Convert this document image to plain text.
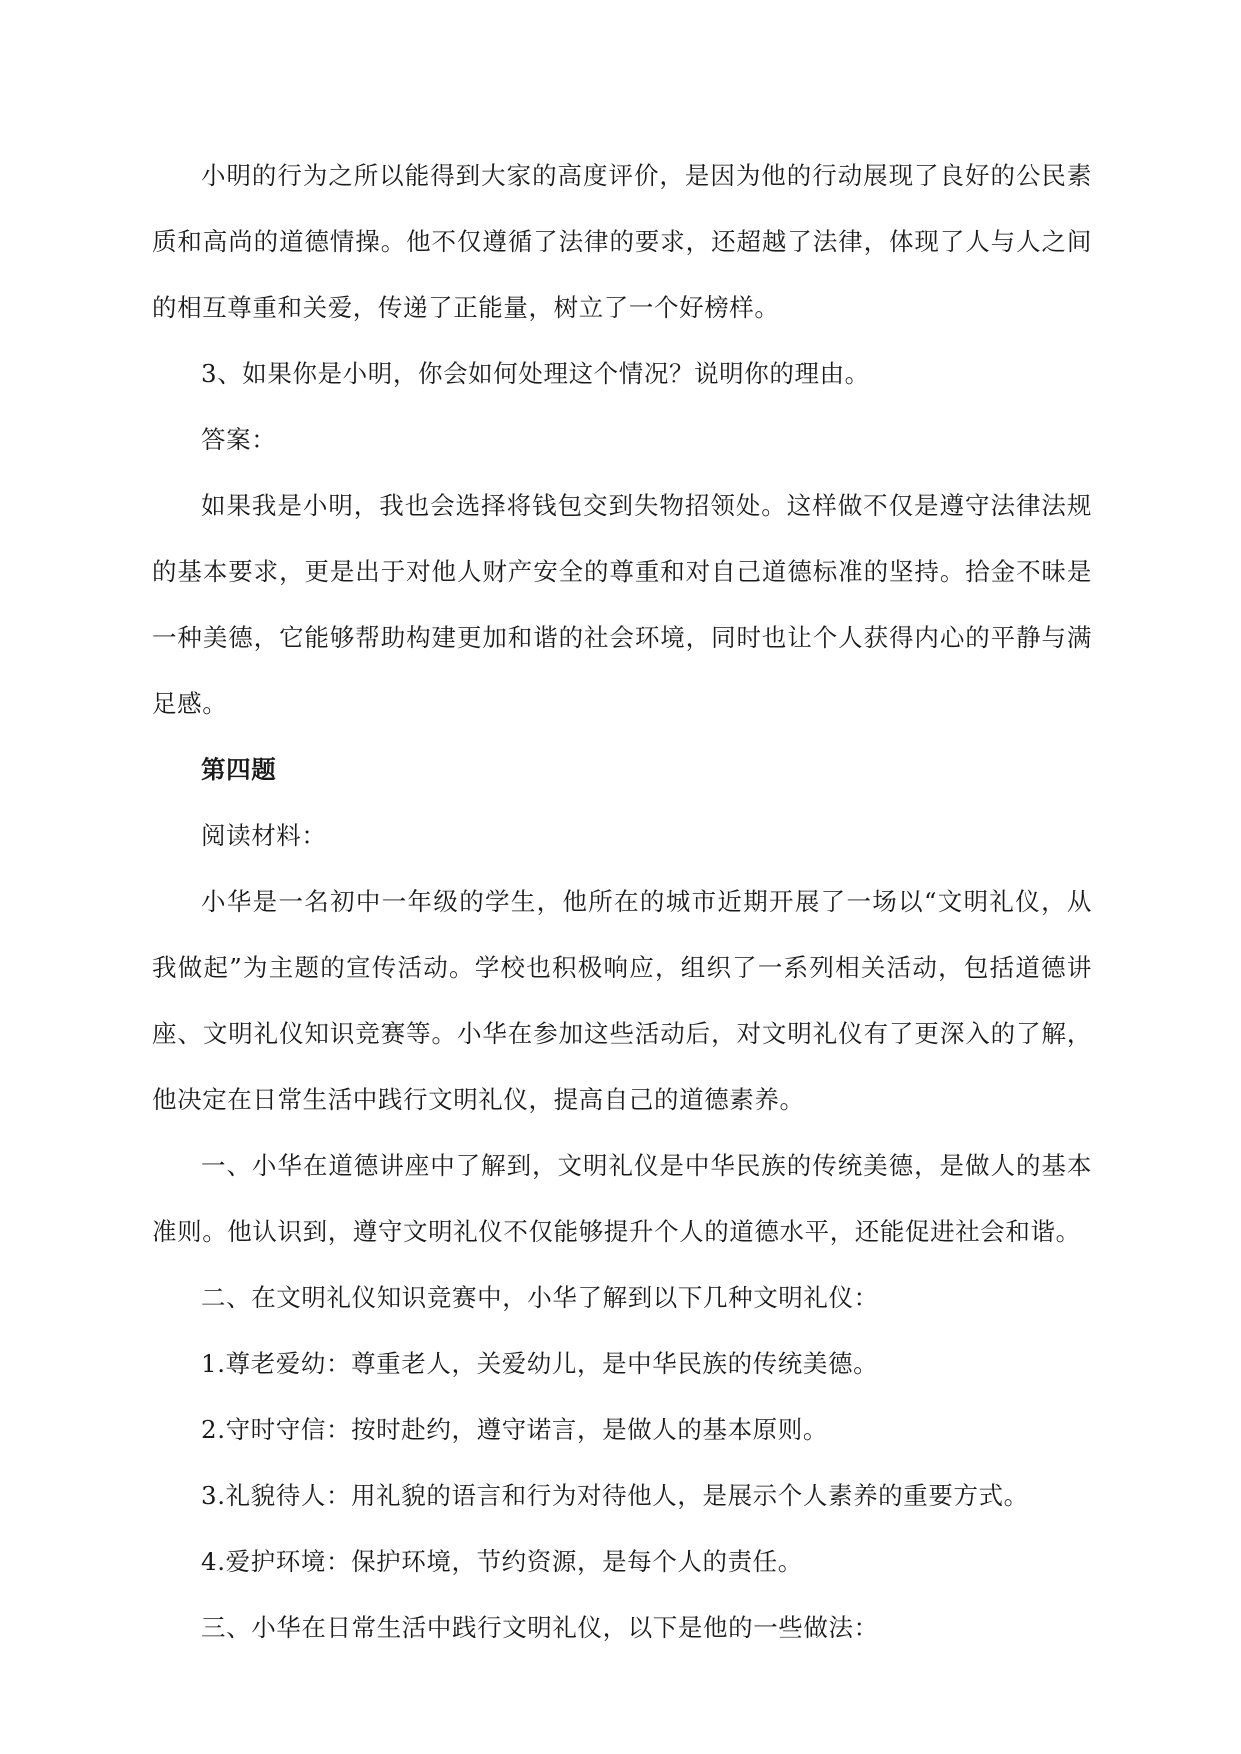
小明的行为之所以能得到大家的高度评价，是因为他的行动展现了良好的公民素质和高尚的道德情操。他不仅遵循了法律的要求，还超越了法律，体现了人与人之间的相互尊重和关爱，传递了正能量，树立了一个好榜样。

3、如果你是小明，你会如何处理这个情况？说明你的理由。

答案：

如果我是小明，我也会选择将钱包交到失物招领处。这样做不仅是遵守法律法规的基本要求，更是出于对他人财产安全的尊重和对自己道德标准的坚持。拾金不昧是一种美德，它能够帮助构建更加和谐的社会环境，同时也让个人获得内心的平静与满足感。

第四题

阅读材料：

小华是一名初中一年级的学生，他所在的城市近期开展了一场以“文明礼仪，从我做起”为主题的宣传活动。学校也积极响应，组织了一系列相关活动，包括道德讲座、文明礼仪知识竞赛等。小华在参加这些活动后，对文明礼仪有了更深入的了解，他决定在日常生活中践行文明礼仪，提高自己的道德素养。

一、小华在道德讲座中了解到，文明礼仪是中华民族的传统美德，是做人的基本准则。他认识到，遵守文明礼仪不仅能够提升个人的道德水平，还能促进社会和谐。

二、在文明礼仪知识竞赛中，小华了解到以下几种文明礼仪：

1.尊老爱幼：尊重老人，关爱幼儿，是中华民族的传统美德。

2.守时守信：按时赴约，遵守诺言，是做人的基本原则。

3.礼貌待人：用礼貌的语言和行为对待他人，是展示个人素养的重要方式。

4.爱护环境：保护环境，节约资源，是每个人的责任。

三、小华在日常生活中践行文明礼仪，以下是他的一些做法：
